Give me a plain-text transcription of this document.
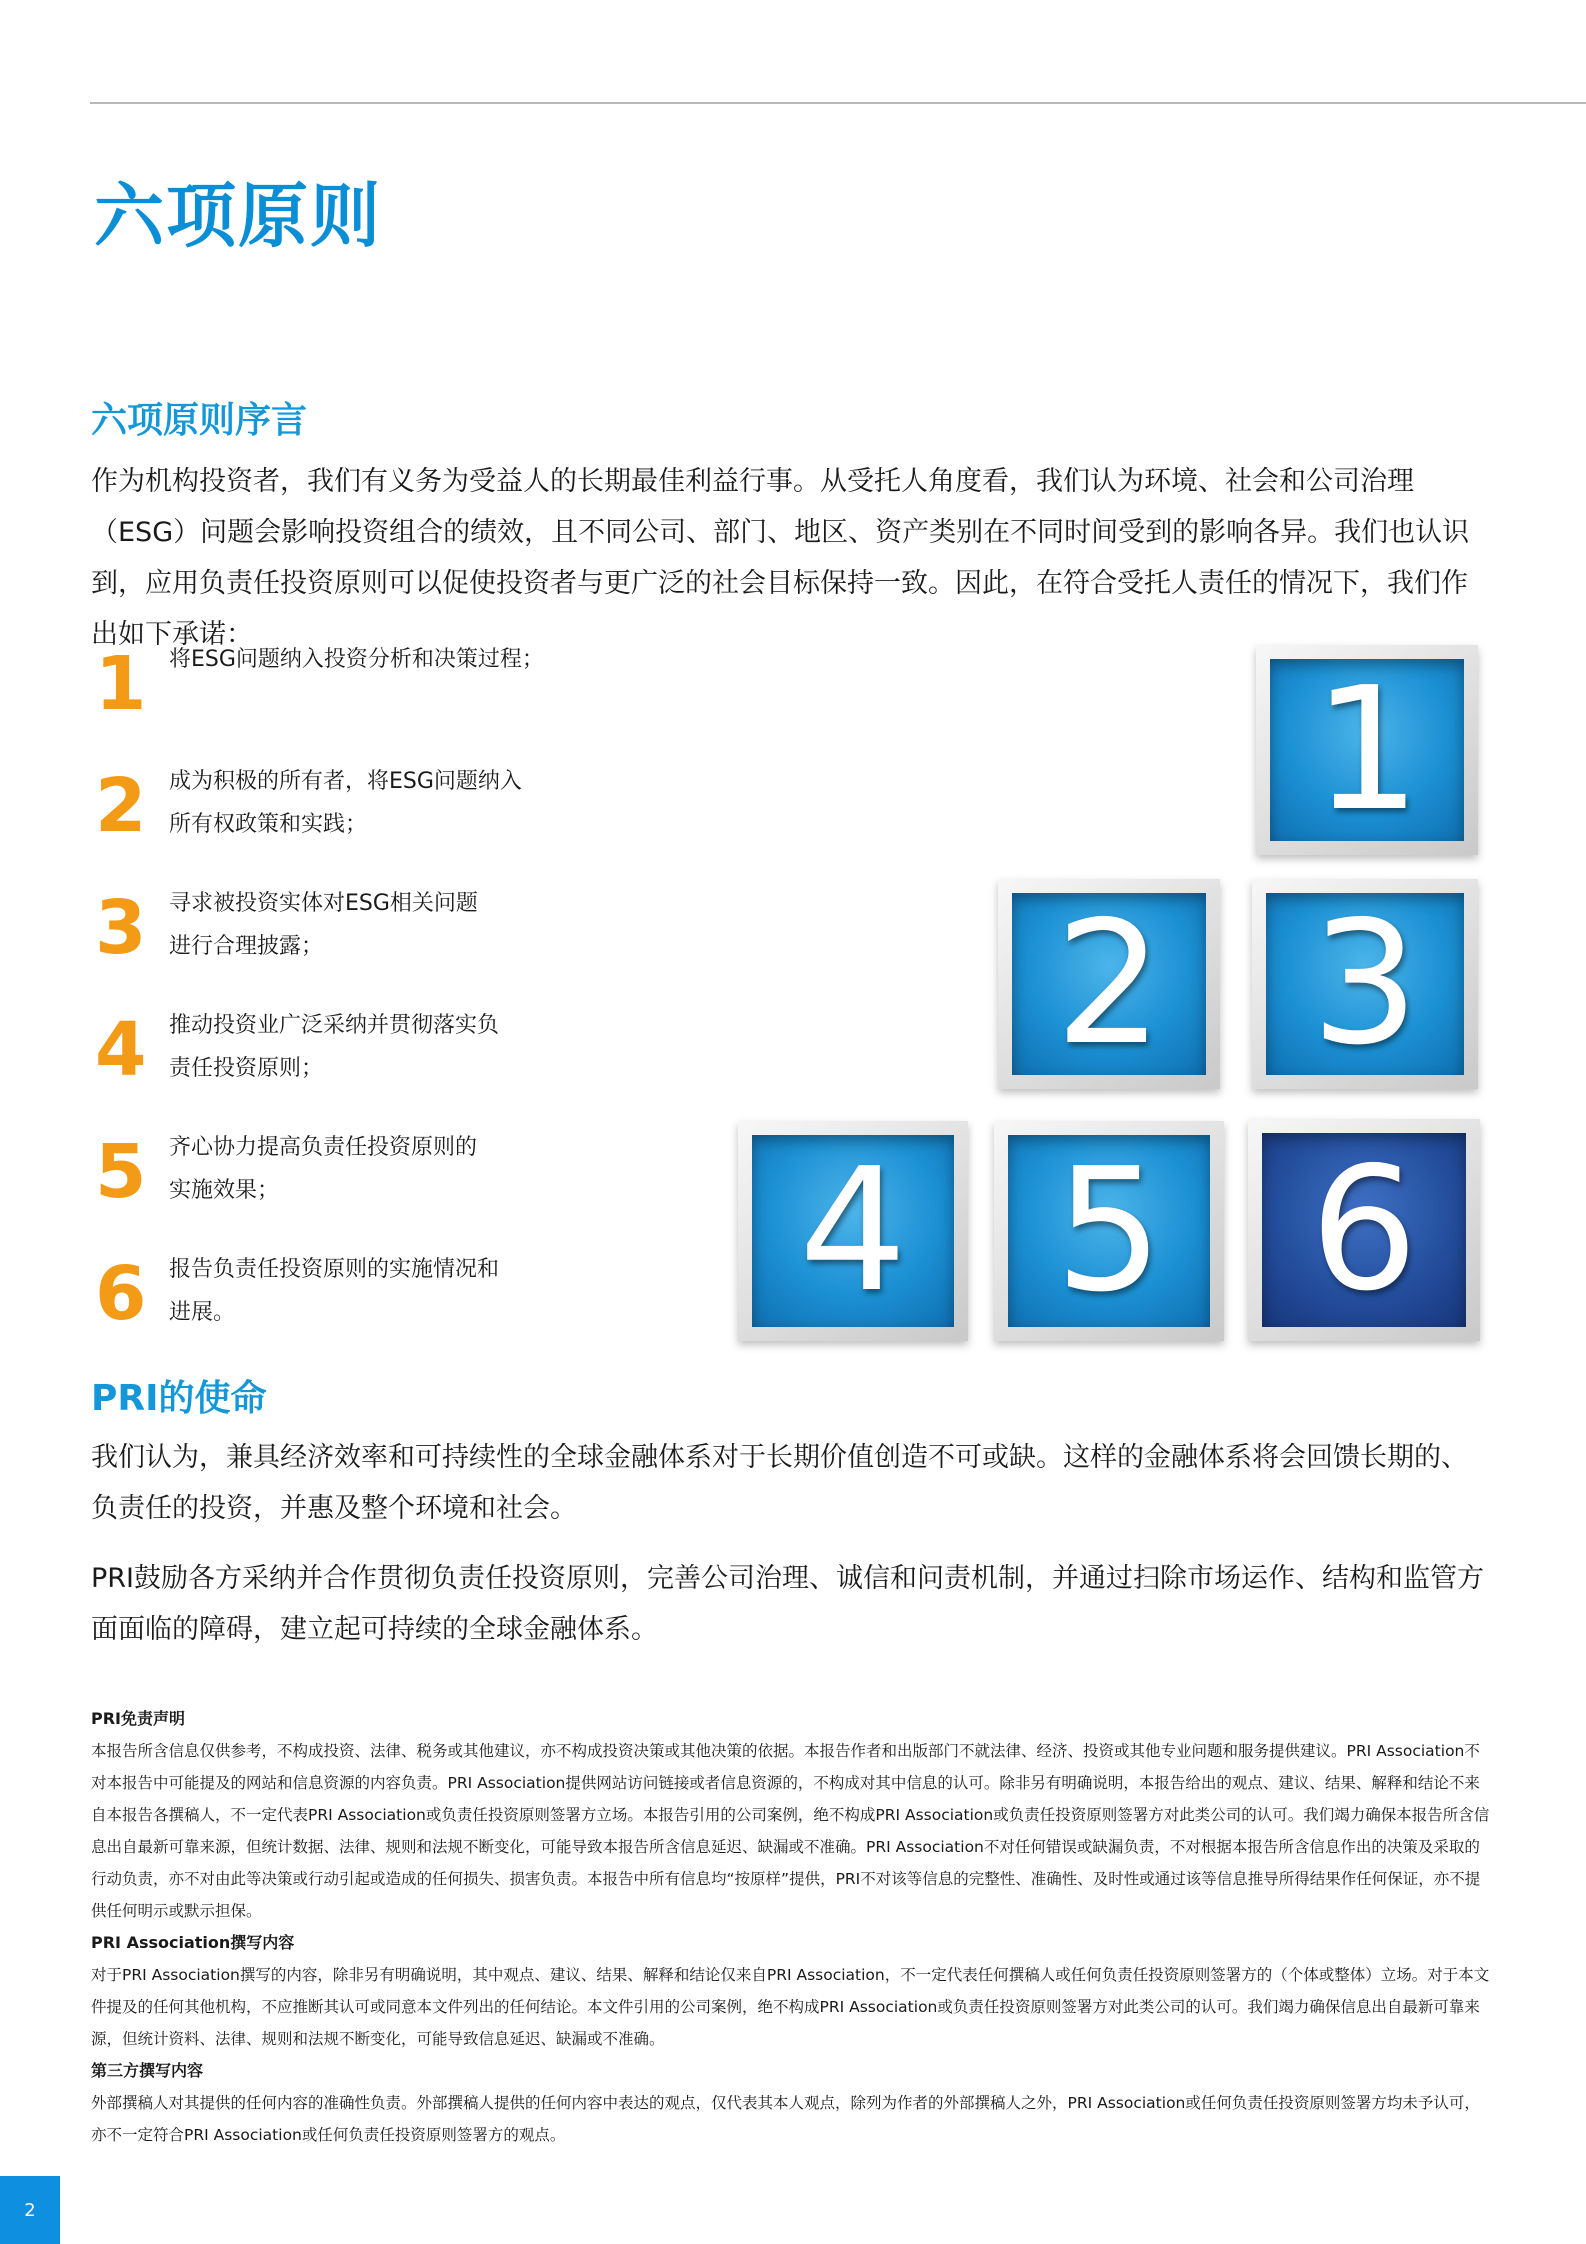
六项原则
六项原则序言

作为机构投资者，我们有义务为受益人的长期最佳利益行事。从受托人角度看，我们认为环境、社会和公司治理（ESG）问题会影响投资组合的绩效，且不同公司、部门、地区、资产类别在不同时间受到的影响各异。我们也认识到，应用负责任投资原则可以促使投资者与更广泛的社会目标保持一致。因此，在符合受托人责任的情况下，我们作出如下承诺：

1 将ESG问题纳入投资分析和决策过程；
2 成为积极的所有者，将ESG问题纳入所有权政策和实践；
3 寻求被投资实体对ESG相关问题进行合理披露；
4 推动投资业广泛采纳并贯彻落实负责任投资原则；
5 齐心协力提高负责任投资原则的实施效果；
6 报告负责任投资原则的实施情况和进展。
1
2 3
4 5 6
PRI的使命

我们认为，兼具经济效率和可持续性的全球金融体系对于长期价值创造不可或缺。这样的金融体系将会回馈长期的、负责任的投资，并惠及整个环境和社会。

PRI鼓励各方采纳并合作贯彻负责任投资原则，完善公司治理、诚信和问责机制，并通过扫除市场运作、结构和监管方面面临的障碍，建立起可持续的全球金融体系。

PRI免责声明
本报告所含信息仅供参考，不构成投资、法律、税务或其他建议，亦不构成投资决策或其他决策的依据。本报告作者和出版部门不就法律、经济、投资或其他专业问题和服务提供建议。PRI Association不对本报告中可能提及的网站和信息资源的内容负责。PRI Association提供网站访问链接或者信息资源的，不构成对其中信息的认可。除非另有明确说明，本报告给出的观点、建议、结果、解释和结论不来自本报告各撰稿人，不一定代表PRI Association或负责任投资原则签署方立场。本报告引用的公司案例，绝不构成PRI Association或负责任投资原则签署方对此类公司的认可。我们竭力确保本报告所含信息出自最新可靠来源，但统计数据、法律、规则和法规不断变化，可能导致本报告所含信息延迟、缺漏或不准确。PRI Association不对任何错误或缺漏负责，不对根据本报告所含信息作出的决策及采取的行动负责，亦不对由此等决策或行动引起或造成的任何损失、损害负责。本报告中所有信息均“按原样”提供，PRI不对该等信息的完整性、准确性、及时性或通过该等信息推导所得结果作任何保证，亦不提供任何明示或默示担保。
PRI Association撰写内容
对于PRI Association撰写的内容，除非另有明确说明，其中观点、建议、结果、解释和结论仅来自PRI Association，不一定代表任何撰稿人或任何负责任投资原则签署方的（个体或整体）立场。对于本文件提及的任何其他机构，不应推断其认可或同意本文件列出的任何结论。本文件引用的公司案例，绝不构成PRI Association或负责任投资原则签署方对此类公司的认可。我们竭力确保信息出自最新可靠来源，但统计资料、法律、规则和法规不断变化，可能导致信息延迟、缺漏或不准确。
第三方撰写内容
外部撰稿人对其提供的任何内容的准确性负责。外部撰稿人提供的任何内容中表达的观点，仅代表其本人观点，除列为作者的外部撰稿人之外，PRI Association或任何负责任投资原则签署方均未予认可，亦不一定符合PRI Association或任何负责任投资原则签署方的观点。
2
